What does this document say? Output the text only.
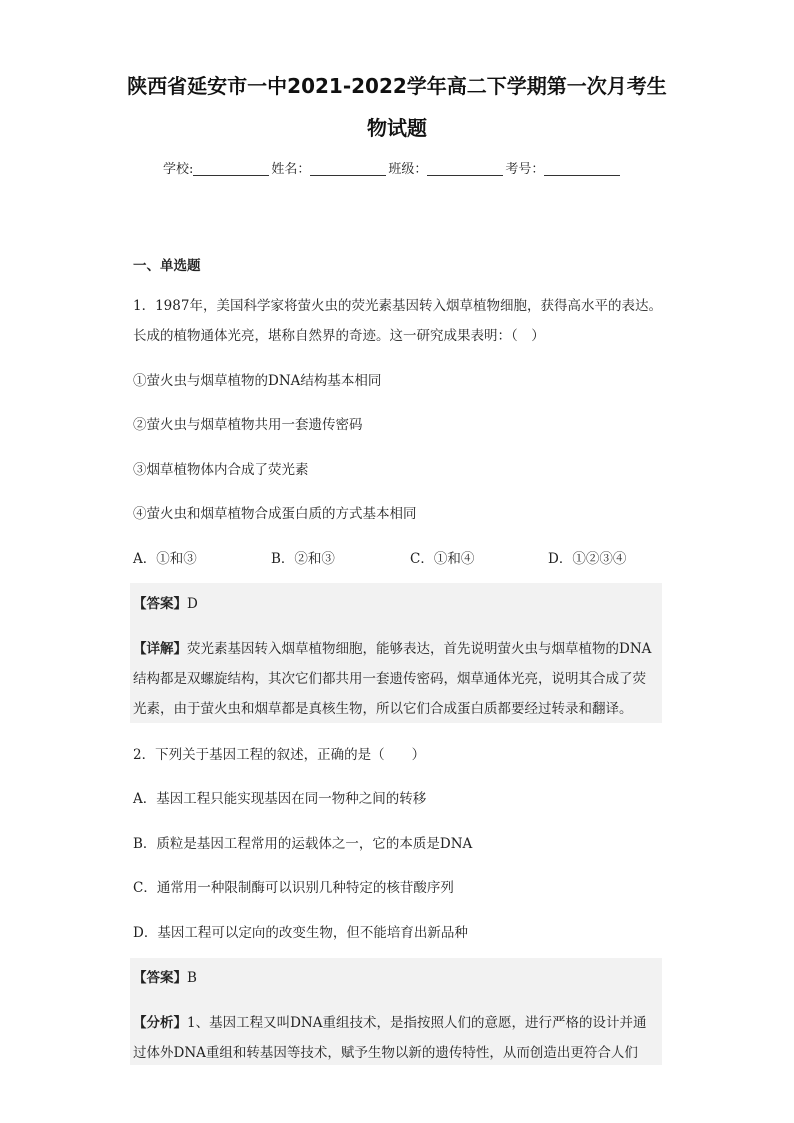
陕西省延安市一中2021-2022学年高二下学期第一次月考生
物试题
学校:	姓名：	班级：	考号：
一、单选题
1．1987年，美国科学家将萤火虫的荧光素基因转入烟草植物细胞，获得高水平的表达。
长成的植物通体光亮，堪称自然界的奇迹。这一研究成果表明：（　）
①萤火虫与烟草植物的DNA结构基本相同
②萤火虫与烟草植物共用一套遗传密码
③烟草植物体内合成了荧光素
④萤火虫和烟草植物合成蛋白质的方式基本相同
A．①和③	B．②和③	C．①和④	D．①②③④
【答案】D
【详解】荧光素基因转入烟草植物细胞，能够表达，首先说明萤火虫与烟草植物的DNA
结构都是双螺旋结构，其次它们都共用一套遗传密码，烟草通体光亮，说明其合成了荧
光素，由于萤火虫和烟草都是真核生物，所以它们合成蛋白质都要经过转录和翻译。
2．下列关于基因工程的叙述，正确的是（　　）
A．基因工程只能实现基因在同一物种之间的转移
B．质粒是基因工程常用的运载体之一，它的本质是DNA
C．通常用一种限制酶可以识别几种特定的核苷酸序列
D．基因工程可以定向的改变生物，但不能培育出新品种
【答案】B
【分析】1、基因工程又叫DNA重组技术，是指按照人们的意愿，进行严格的设计并通
过体外DNA重组和转基因等技术，赋予生物以新的遗传特性，从而创造出更符合人们
